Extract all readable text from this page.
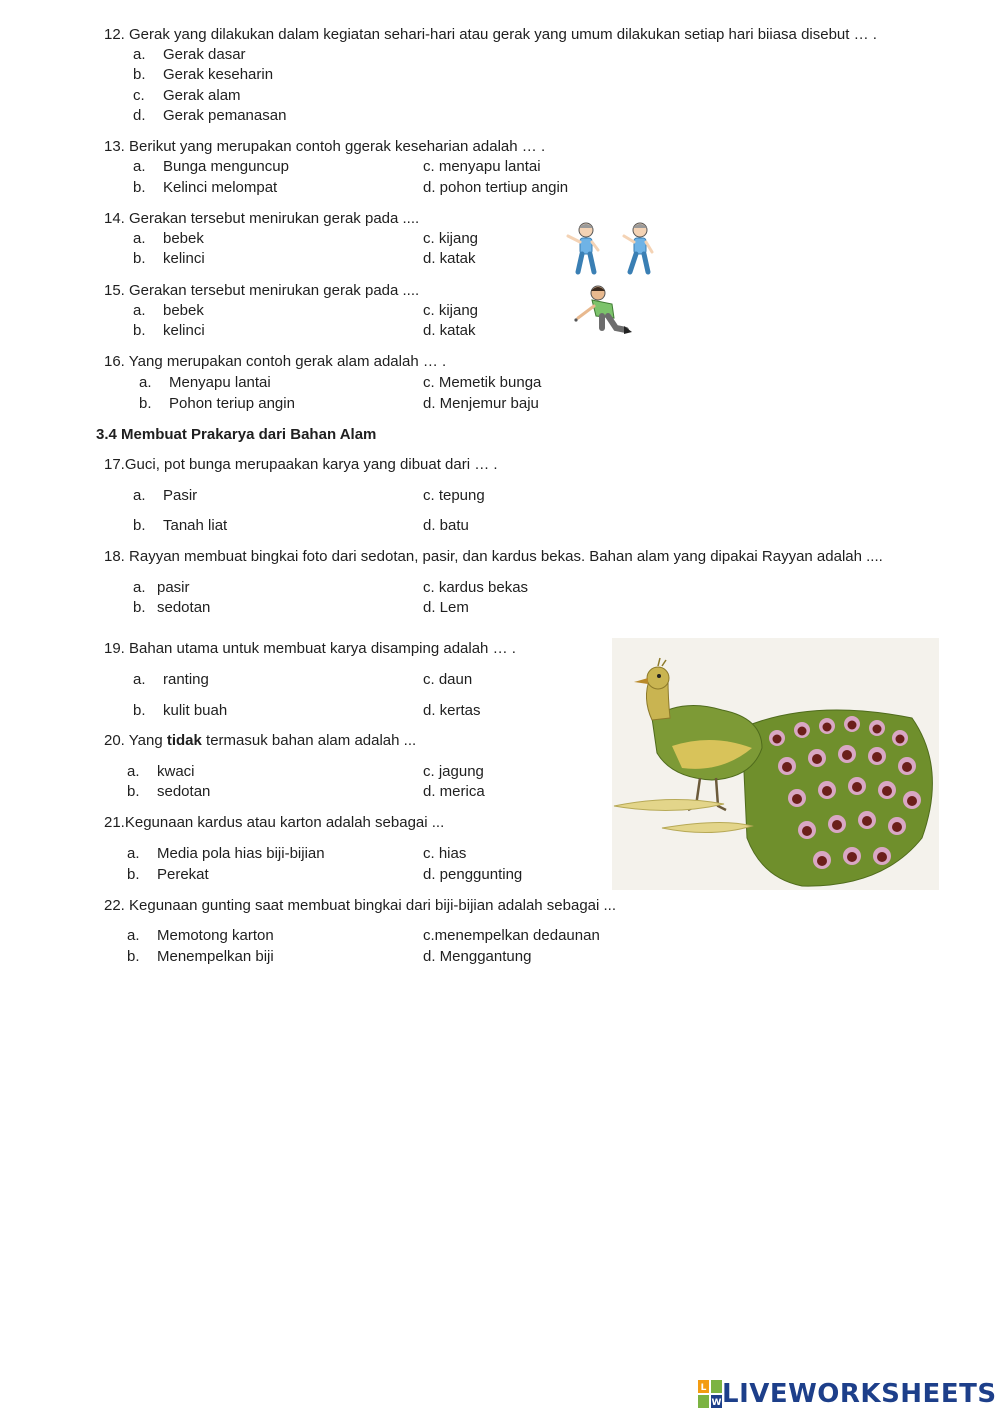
12. Gerak yang dilakukan dalam kegiatan sehari-hari atau gerak yang umum dilakukan setiap hari biiasa disebut … .
a. Gerak dasar
b. Gerak keseharin
c. Gerak alam
d. Gerak pemanasan
13. Berikut yang merupakan contoh ggerak keseharian adalah … .
a. Bunga menguncup
b. Kelinci melompat
c. menyapu lantai
d. pohon tertiup angin
14. Gerakan tersebut menirukan gerak pada ....
a. bebek
b. kelinci
c. kijang
d. katak
15. Gerakan tersebut menirukan gerak pada ....
a. bebek
b. kelinci
c. kijang
d. katak
16. Yang merupakan contoh gerak alam adalah … .
a. Menyapu lantai
b. Pohon teriup angin
c. Memetik bunga
d. Menjemur baju
3.4 Membuat Prakarya dari Bahan Alam
17.Guci, pot bunga merupaakan karya yang dibuat dari … .
a. Pasir
b. Tanah liat
c. tepung
d. batu
18. Rayyan membuat bingkai foto dari sedotan, pasir, dan kardus bekas. Bahan alam yang dipakai Rayyan adalah ....
a. pasir
b. sedotan
c. kardus bekas
d. Lem
19. Bahan utama untuk membuat karya disamping adalah … .
a. ranting
b. kulit buah
c. daun
d. kertas
20. Yang tidak termasuk bahan alam adalah ...
a. kwaci
b. sedotan
c. jagung
d. merica
21.Kegunaan kardus atau karton adalah sebagai ...
a. Media pola hias biji-bijian
b. Perekat
c. hias
d. penggunting
22. Kegunaan gunting saat membuat bingkai dari biji-bijian adalah sebagai ...
a. Memotong karton
b. Menempelkan biji
c.menempelkan dedaunan
d. Menggantung
L
W LIVEWORKSHEETS
